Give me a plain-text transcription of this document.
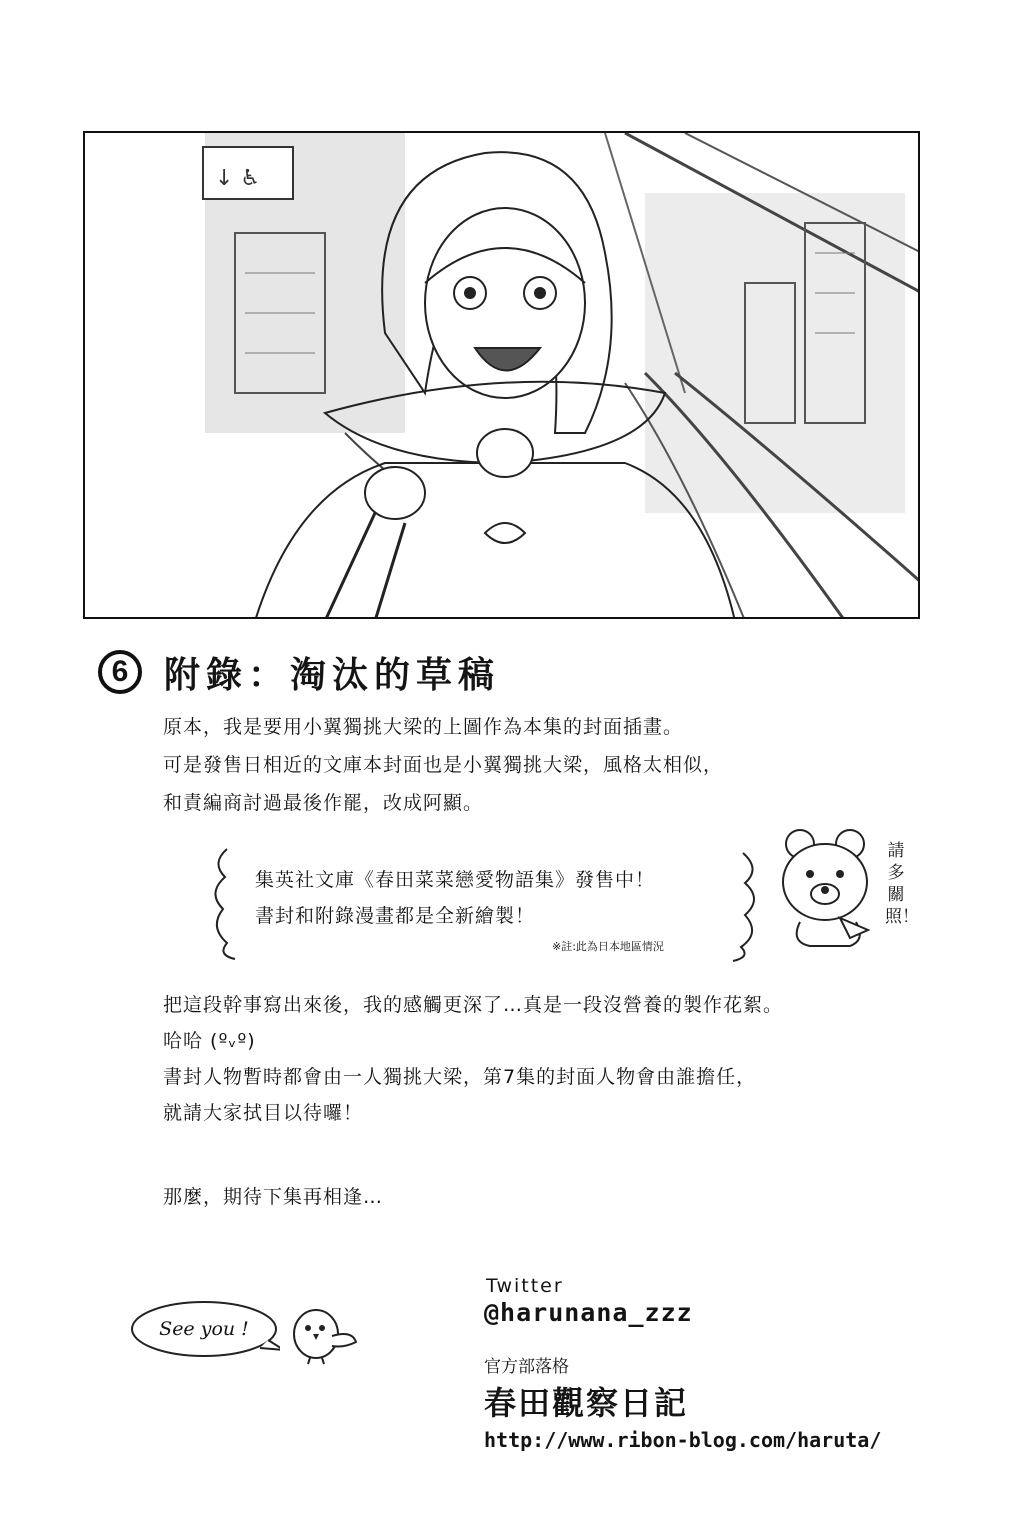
↓ ♿
6 附錄：淘汰的草稿
原本，我是要用小翼獨挑大梁的上圖作為本集的封面插畫。
可是發售日相近的文庫本封面也是小翼獨挑大梁，風格太相似，
和責編商討過最後作罷，改成阿顯。
集英社文庫《春田菜菜戀愛物語集》發售中！
書封和附錄漫畫都是全新繪製！
※註:此為日本地區情況
請多關照！
把這段幹事寫出來後，我的感觸更深了…真是一段沒營養的製作花絮。
哈哈 (ºᵥº)
書封人物暫時都會由一人獨挑大梁，第7集的封面人物會由誰擔任，
就請大家拭目以待囉！
那麼，期待下集再相逢…
See you !
Twitter
@harunana_zzz
官方部落格
春田觀察日記
http://www.ribon-blog.com/haruta/
